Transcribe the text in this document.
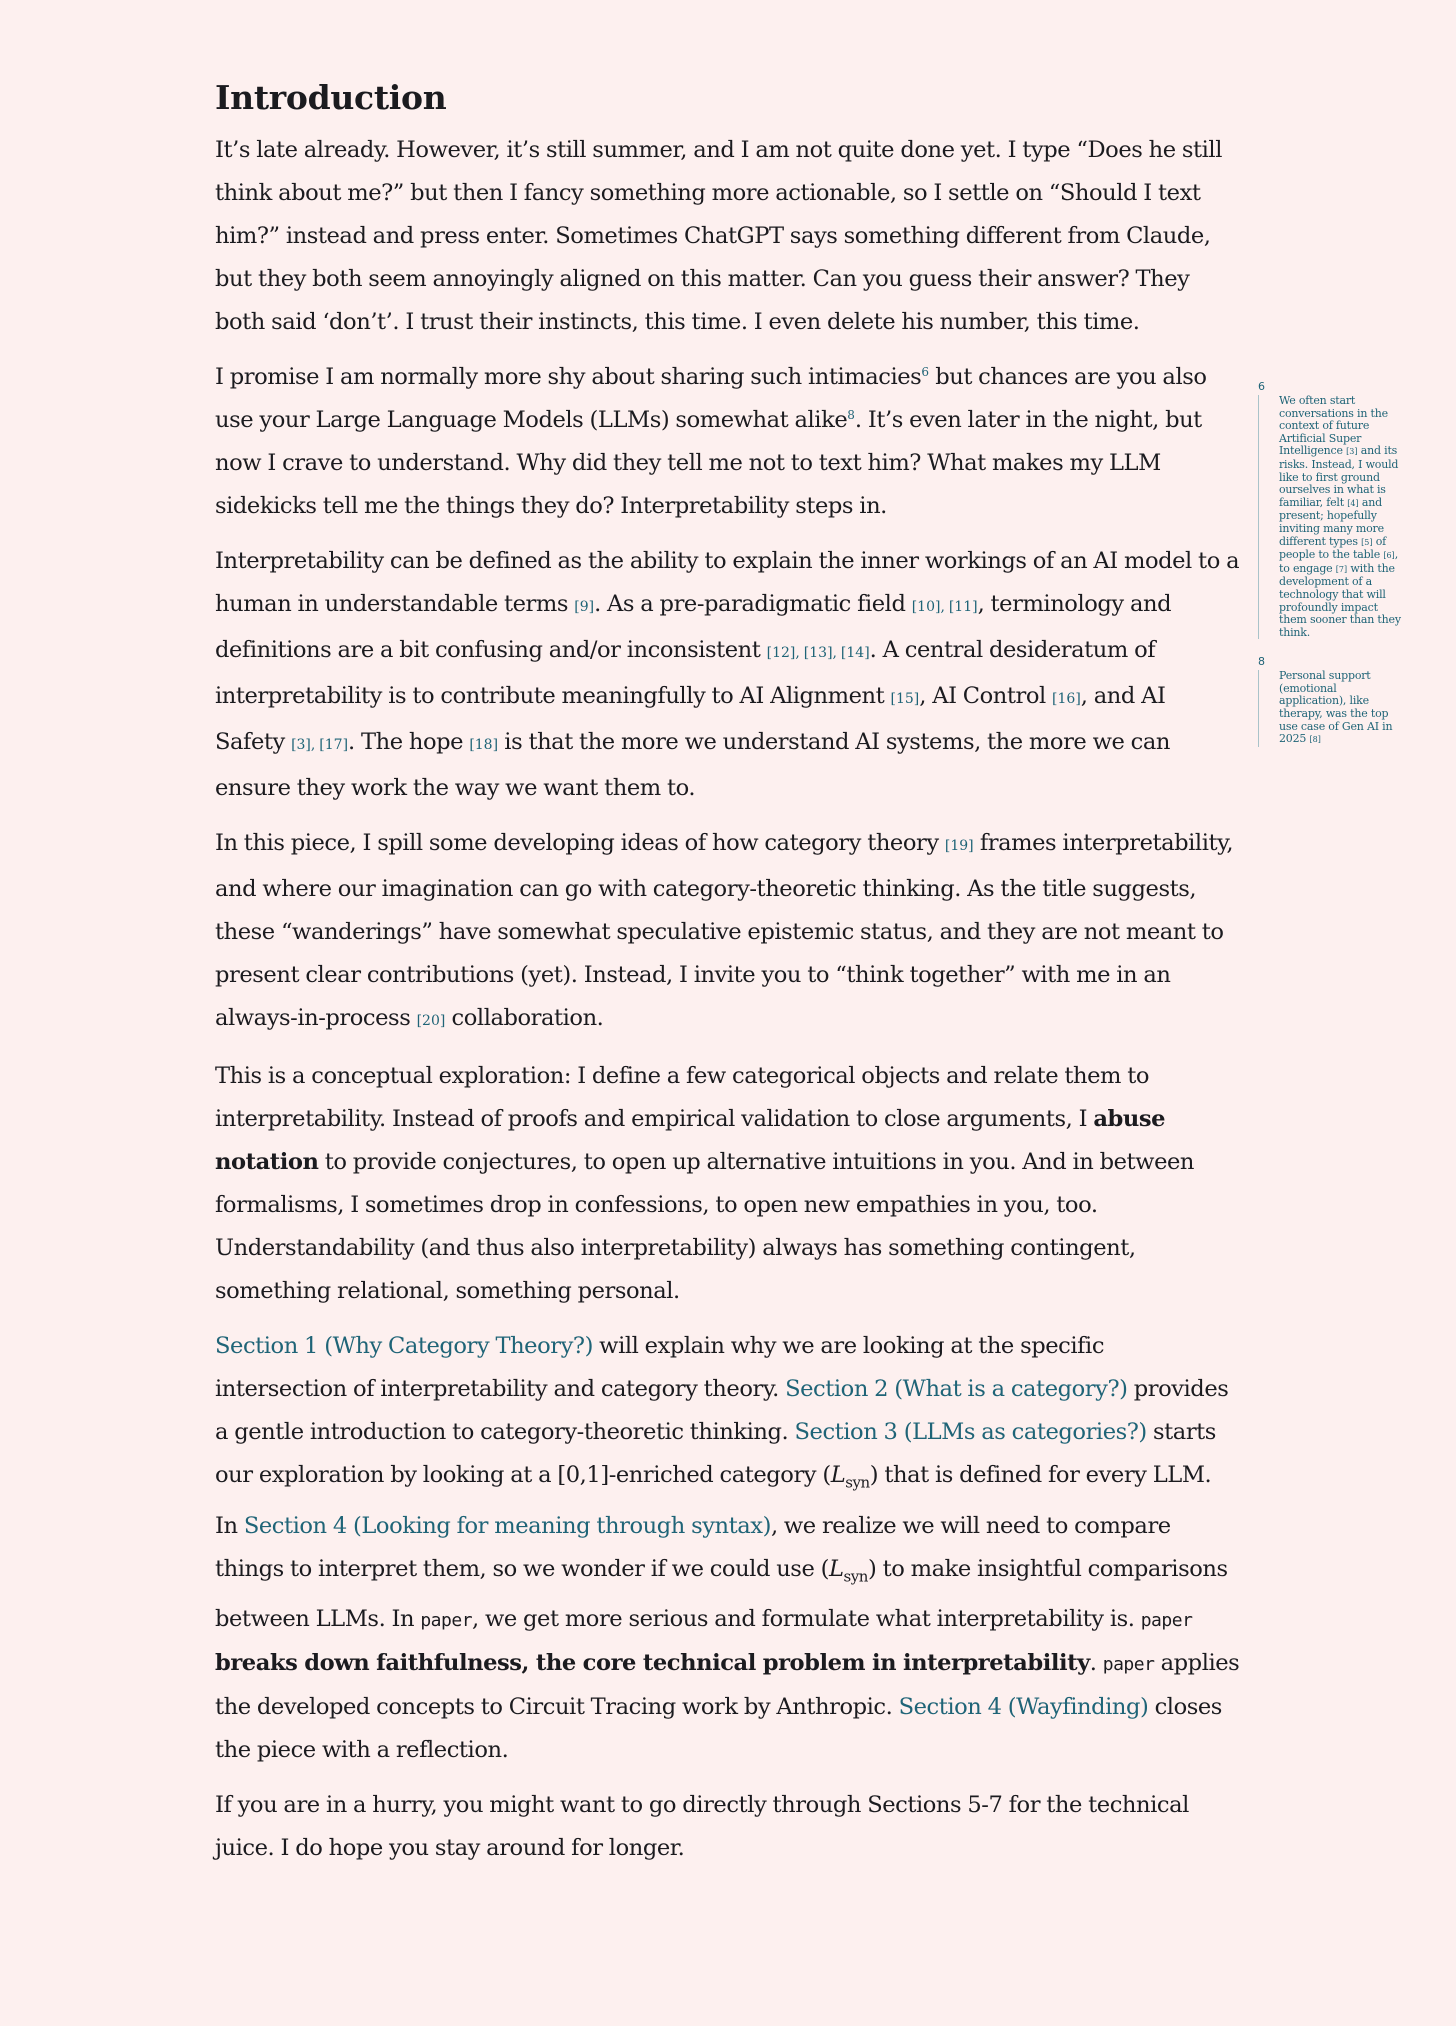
Introduction

It’s late already. However, it’s still summer, and I am not quite done yet. I type “Does he still think about me?” but then I fancy something more actionable, so I settle on “Should I text him?” instead and press enter. Sometimes ChatGPT says something different from Claude, but they both seem annoyingly aligned on this matter. Can you guess their answer? They both said ‘don’t’. I trust their instincts, this time. I even delete his number, this time.

I promise I am normally more shy about sharing such intimacies$^6$ but chances are you also use your Large Language Models (LLMs) somewhat alike$^8$. It’s even later in the night, but now I crave to understand. Why did they tell me not to text him? What makes my LLM sidekicks tell me the things they do? Interpretability steps in.

Interpretability can be defined as the ability to explain the inner workings of an AI model to a human in understandable terms [9]. As a pre-paradigmatic field [10], [11], terminology and definitions are a bit confusing and/or inconsistent [12], [13], [14]. A central desideratum of interpretability is to contribute meaningfully to AI Alignment [15], AI Control [16], and AI Safety [3], [17]. The hope [18] is that the more we understand AI systems, the more we can ensure they work the way we want them to.

In this piece, I spill some developing ideas of how category theory [19] frames interpretability, and where our imagination can go with category-theoretic thinking. As the title suggests, these “wanderings” have somewhat speculative epistemic status, and they are not meant to present clear contributions (yet). Instead, I invite you to “think together” with me in an always-in-process [20] collaboration.

This is a conceptual exploration: I define a few categorical objects and relate them to interpretability. Instead of proofs and empirical validation to close arguments, I abuse notation to provide conjectures, to open up alternative intuitions in you. And in between formalisms, I sometimes drop in confessions, to open new empathies in you, too. Understandability (and thus also interpretability) always has something contingent, something relational, something personal.

Section 1 (Why Category Theory?) will explain why we are looking at the specific intersection of interpretability and category theory. Section 2 (What is a category?) provides a gentle introduction to category-theoretic thinking. Section 3 (LLMs as categories?) starts our exploration by looking at a [0,1]-enriched category $(L_{syn})$ that is defined for every LLM. In Section 4 (Looking for meaning through syntax), we realize we will need to compare things to interpret them, so we wonder if we could use $(L_{syn})$ to make insightful comparisons between LLMs. In paper, we get more serious and formulate what interpretability is. paper breaks down faithfulness, the core technical problem in interpretability. paper applies the developed concepts to Circuit Tracing work by Anthropic. Section 4 (Wayfinding) closes the piece with a reflection.

If you are in a hurry, you might want to go directly through Sections 5-7 for the technical juice. I do hope you stay around for longer.

6
We often start conversations in the context of future Artificial Super Intelligence [3] and its risks. Instead, I would like to first ground ourselves in what is familiar, felt [4] and present; hopefully inviting many more different types [5] of people to the table [6], to engage [7] with the development of a technology that will profoundly impact them sooner than they think.
8
Personal support (emotional application), like therapy, was the top use case of Gen AI in 2025 [8]
